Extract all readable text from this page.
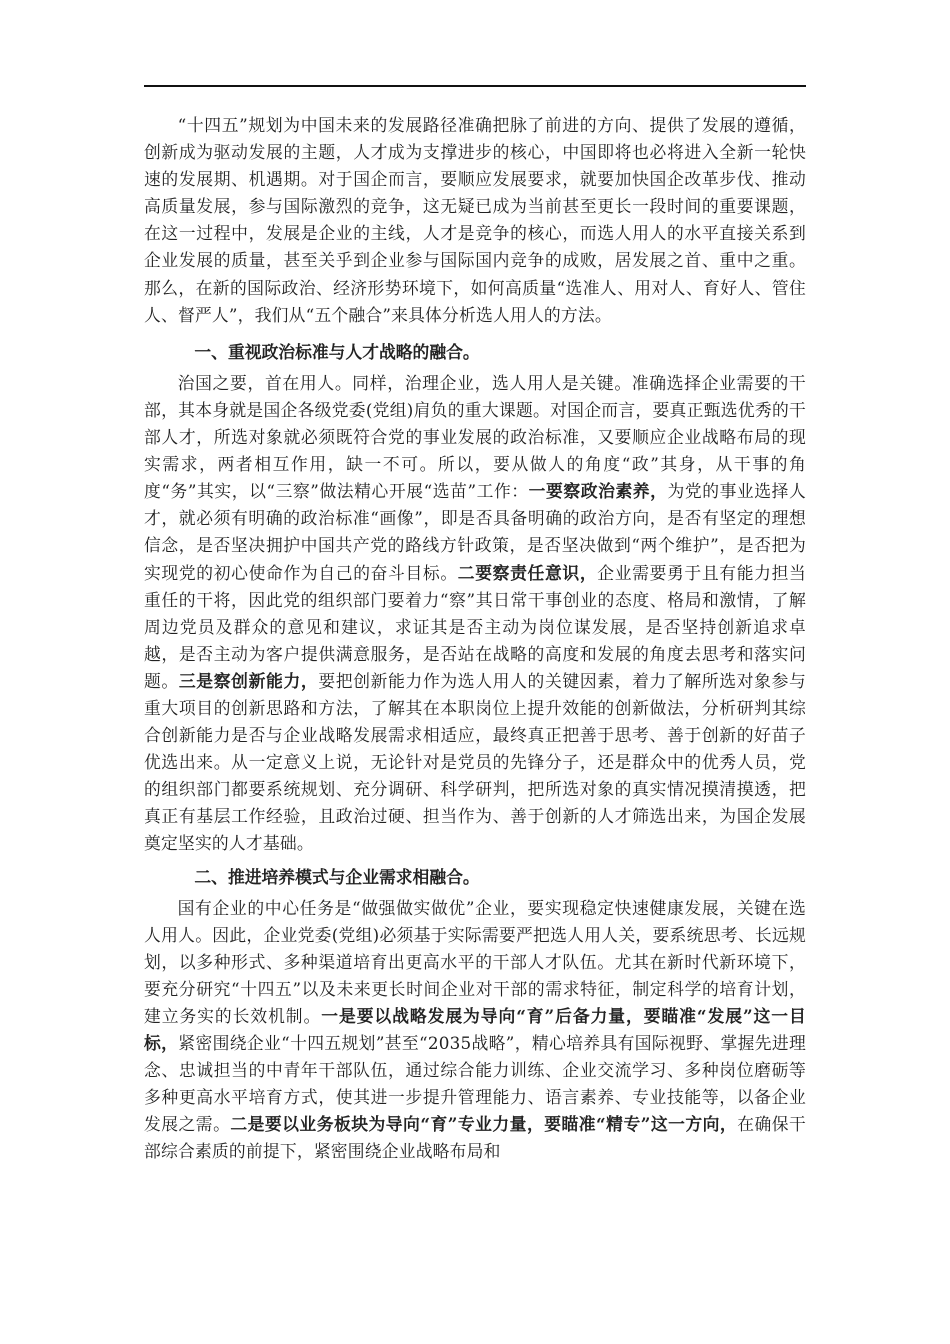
“十四五”规划为中国未来的发展路径准确把脉了前进的方向、提供了发展的遵循，创新成为驱动发展的主题，人才成为支撑进步的核心，中国即将也必将进入全新一轮快速的发展期、机遇期。对于国企而言，要顺应发展要求，就要加快国企改革步伐、推动高质量发展，参与国际激烈的竞争，这无疑已成为当前甚至更长一段时间的重要课题，在这一过程中，发展是企业的主线，人才是竞争的核心，而选人用人的水平直接关系到企业发展的质量，甚至关乎到企业参与国际国内竞争的成败，居发展之首、重中之重。那么，在新的国际政治、经济形势环境下，如何高质量“选准人、用对人、育好人、管住人、督严人”，我们从“五个融合”来具体分析选人用人的方法。

一、重视政治标准与人才战略的融合。

治国之要，首在用人。同样，治理企业，选人用人是关键。准确选择企业需要的干部，其本身就是国企各级党委(党组)肩负的重大课题。对国企而言，要真正甄选优秀的干部人才，所选对象就必须既符合党的事业发展的政治标准，又要顺应企业战略布局的现实需求，两者相互作用，缺一不可。所以，要从做人的角度“政”其身，从干事的角度“务”其实，以“三察”做法精心开展“选苗”工作：一要察政治素养，为党的事业选择人才，就必须有明确的政治标准“画像”，即是否具备明确的政治方向，是否有坚定的理想信念，是否坚决拥护中国共产党的路线方针政策，是否坚决做到“两个维护”，是否把为实现党的初心使命作为自己的奋斗目标。二要察责任意识，企业需要勇于且有能力担当重任的干将，因此党的组织部门要着力“察”其日常干事创业的态度、格局和激情，了解周边党员及群众的意见和建议，求证其是否主动为岗位谋发展，是否坚持创新追求卓越，是否主动为客户提供满意服务，是否站在战略的高度和发展的角度去思考和落实问题。三是察创新能力，要把创新能力作为选人用人的关键因素，着力了解所选对象参与重大项目的创新思路和方法，了解其在本职岗位上提升效能的创新做法，分析研判其综合创新能力是否与企业战略发展需求相适应，最终真正把善于思考、善于创新的好苗子优选出来。从一定意义上说，无论针对是党员的先锋分子，还是群众中的优秀人员，党的组织部门都要系统规划、充分调研、科学研判，把所选对象的真实情况摸清摸透，把真正有基层工作经验，且政治过硬、担当作为、善于创新的人才筛选出来，为国企发展奠定坚实的人才基础。

二、推进培养模式与企业需求相融合。

国有企业的中心任务是“做强做实做优”企业，要实现稳定快速健康发展，关键在选人用人。因此，企业党委(党组)必须基于实际需要严把选人用人关，要系统思考、长远规划，以多种形式、多种渠道培育出更高水平的干部人才队伍。尤其在新时代新环境下，要充分研究“十四五”以及未来更长时间企业对干部的需求特征，制定科学的培育计划，建立务实的长效机制。一是要以战略发展为导向“育”后备力量，要瞄准“发展”这一目标，紧密围绕企业“十四五规划”甚至“2035战略”，精心培养具有国际视野、掌握先进理念、忠诚担当的中青年干部队伍，通过综合能力训练、企业交流学习、多种岗位磨砺等多种更高水平培育方式，使其进一步提升管理能力、语言素养、专业技能等，以备企业发展之需。二是要以业务板块为导向“育”专业力量，要瞄准“精专”这一方向，在确保干部综合素质的前提下，紧密围绕企业战略布局和
